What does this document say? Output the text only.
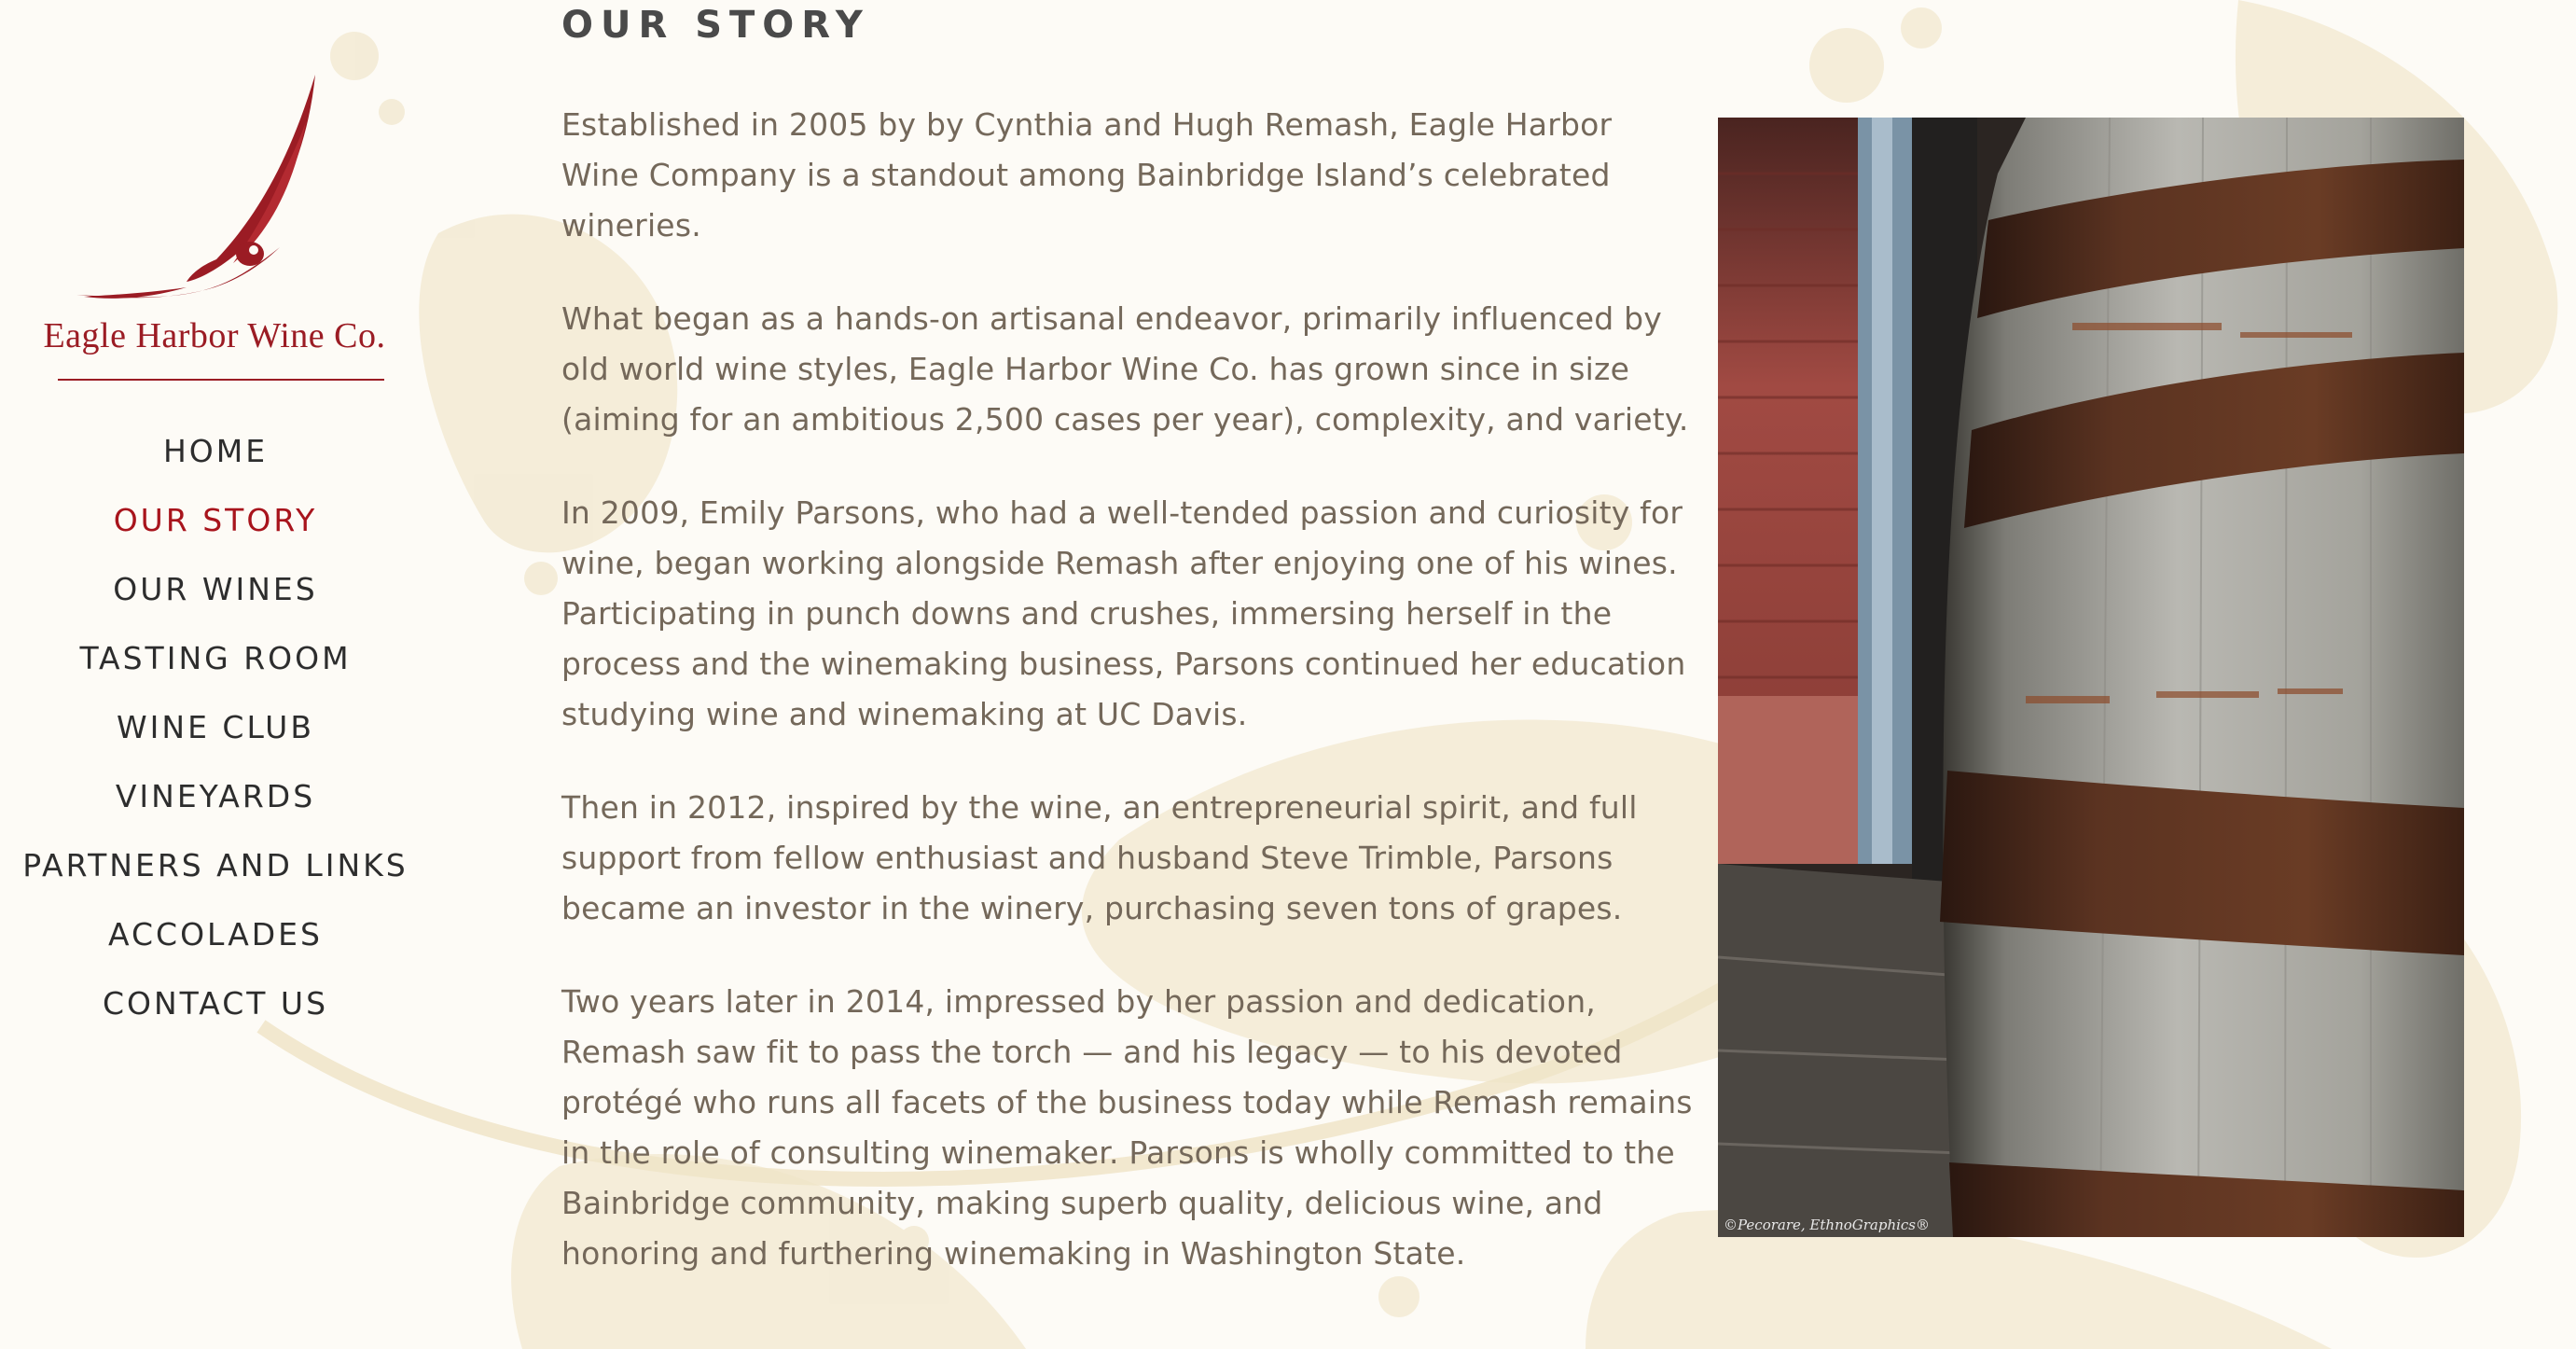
Eagle Harbor Wine Co.
HOME
OUR STORY
OUR WINES
TASTING ROOM
WINE CLUB
VINEYARDS
PARTNERS AND LINKS
ACCOLADES
CONTACT US
OUR STORY

Established in 2005 by by Cynthia and Hugh Remash, Eagle Harbor Wine Company is a standout among Bainbridge Island’s celebrated wineries.

What began as a hands-on artisanal endeavor, primarily influenced by old world wine styles, Eagle Harbor Wine Co. has grown since in size (aiming for an ambitious 2,500 cases per year), complexity, and variety.

In 2009, Emily Parsons, who had a well-tended passion and curiosity for wine, began working alongside Remash after enjoying one of his wines. Participating in punch downs and crushes, immersing herself in the process and the winemaking business, Parsons continued her education studying wine and winemaking at UC Davis.

Then in 2012, inspired by the wine, an entrepreneurial spirit, and full support from fellow enthusiast and husband Steve Trimble, Parsons became an investor in the winery, purchasing seven tons of grapes.

Two years later in 2014, impressed by her passion and dedication, Remash saw fit to pass the torch — and his legacy — to his devoted protégé who runs all facets of the business today while Remash remains in the role of consulting winemaker. Parsons is wholly committed to the Bainbridge community, making superb quality, delicious wine, and honoring and furthering winemaking in Washington State.

©Pecorare, EthnoGraphics®
